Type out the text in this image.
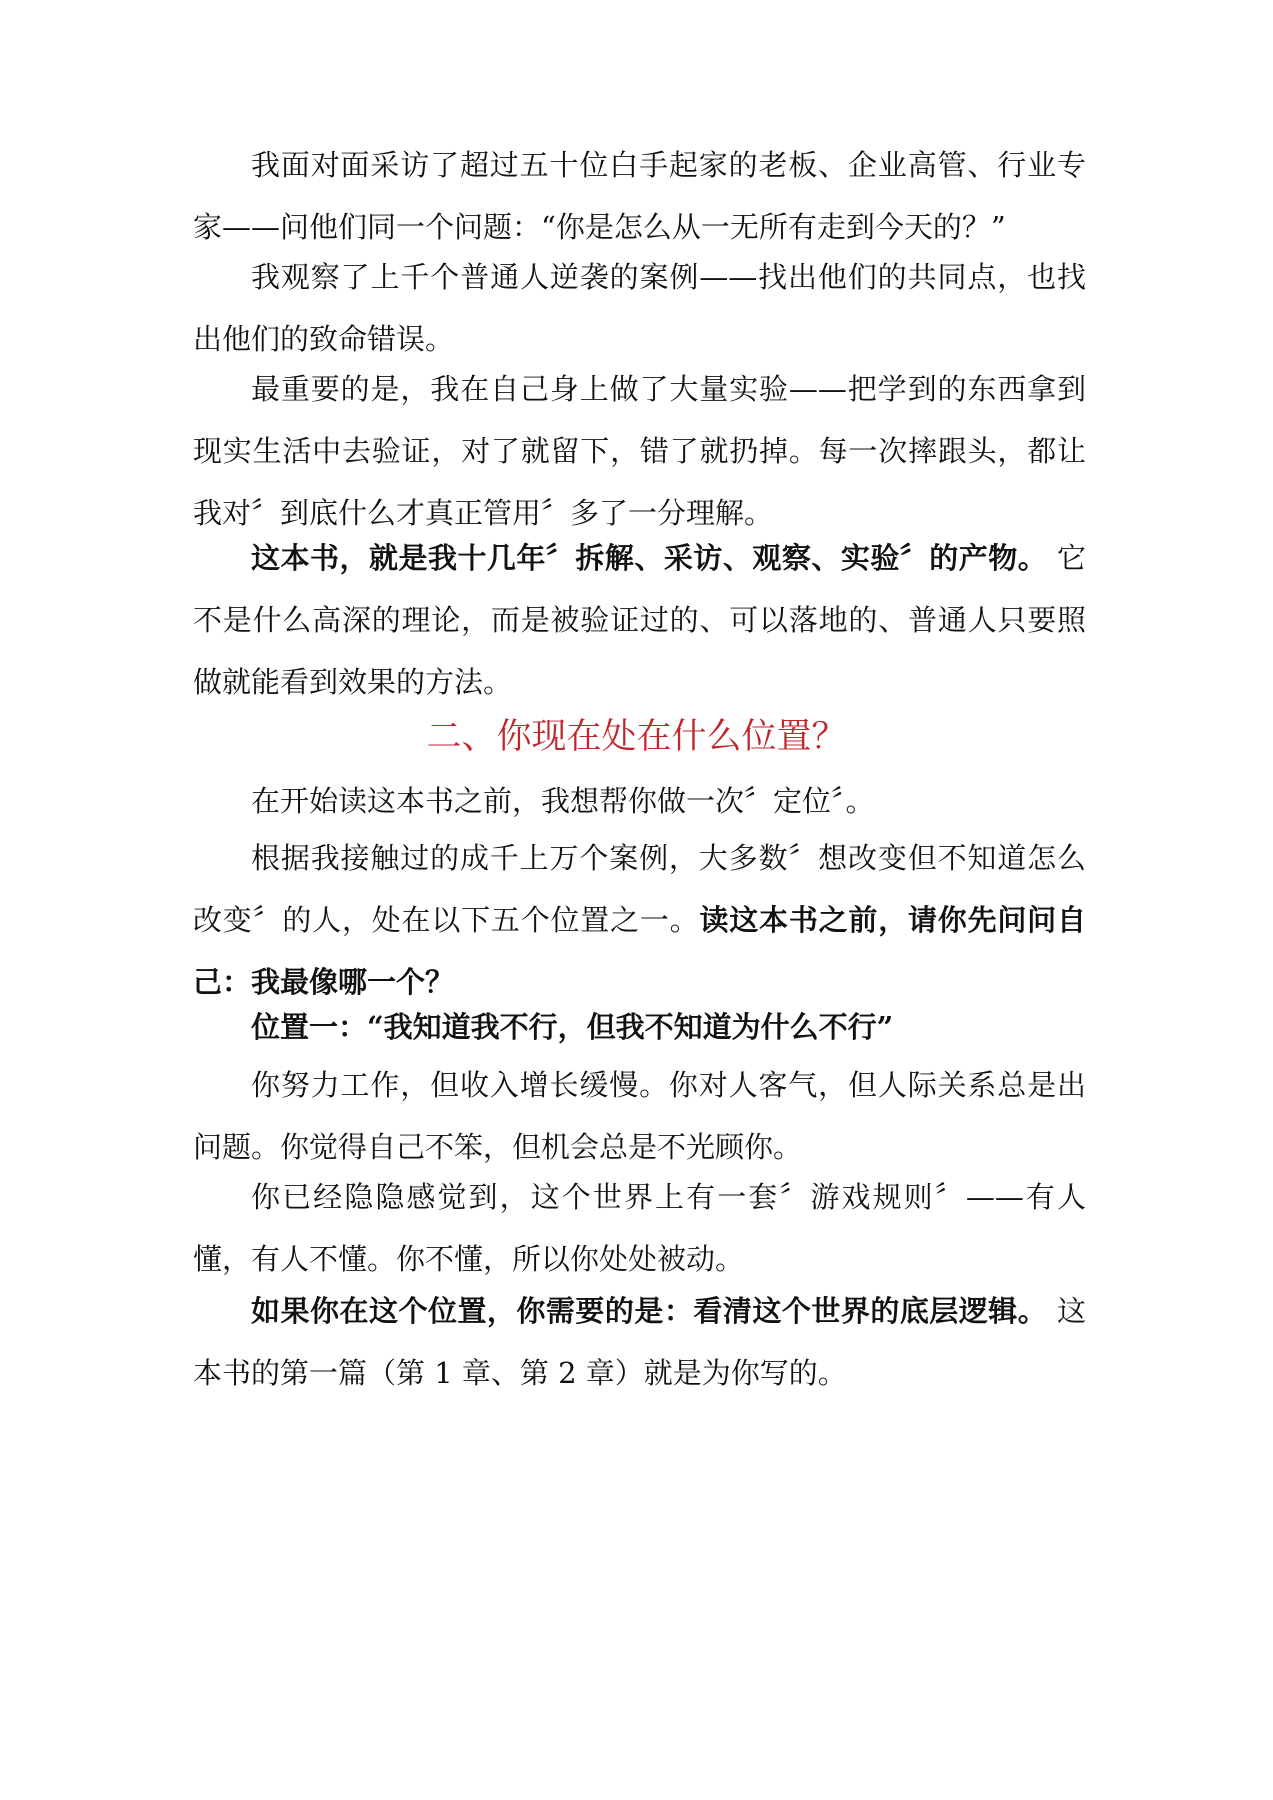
我面对面采访了超过五十位白手起家的老板、企业高管、行业专家——问他们同一个问题：“你是怎么从一无所有走到今天的？”

我观察了上千个普通人逆袭的案例——找出他们的共同点，也找出他们的致命错误。

最重要的是，我在自己身上做了大量实验——把学到的东西拿到现实生活中去验证，对了就留下，错了就扔掉。每一次摔跟头，都让我对〞到底什么才真正管用〞多了一分理解。

这本书，就是我十几年〞拆解、采访、观察、实验〞的产物。 它不是什么高深的理论，而是被验证过的、可以落地的、普通人只要照做就能看到效果的方法。

二、你现在处在什么位置？

在开始读这本书之前，我想帮你做一次〞定位〞。

根据我接触过的成千上万个案例，大多数〞想改变但不知道怎么改变〞的人，处在以下五个位置之一。读这本书之前，请你先问问自己：我最像哪一个？

位置一：“我知道我不行，但我不知道为什么不行”

你努力工作，但收入增长缓慢。你对人客气，但人际关系总是出问题。你觉得自己不笨，但机会总是不光顾你。

你已经隐隐感觉到，这个世界上有一套〞游戏规则〞——有人懂，有人不懂。你不懂，所以你处处被动。

如果你在这个位置，你需要的是：看清这个世界的底层逻辑。 这本书的第一篇（第 1 章、第 2 章）就是为你写的。
